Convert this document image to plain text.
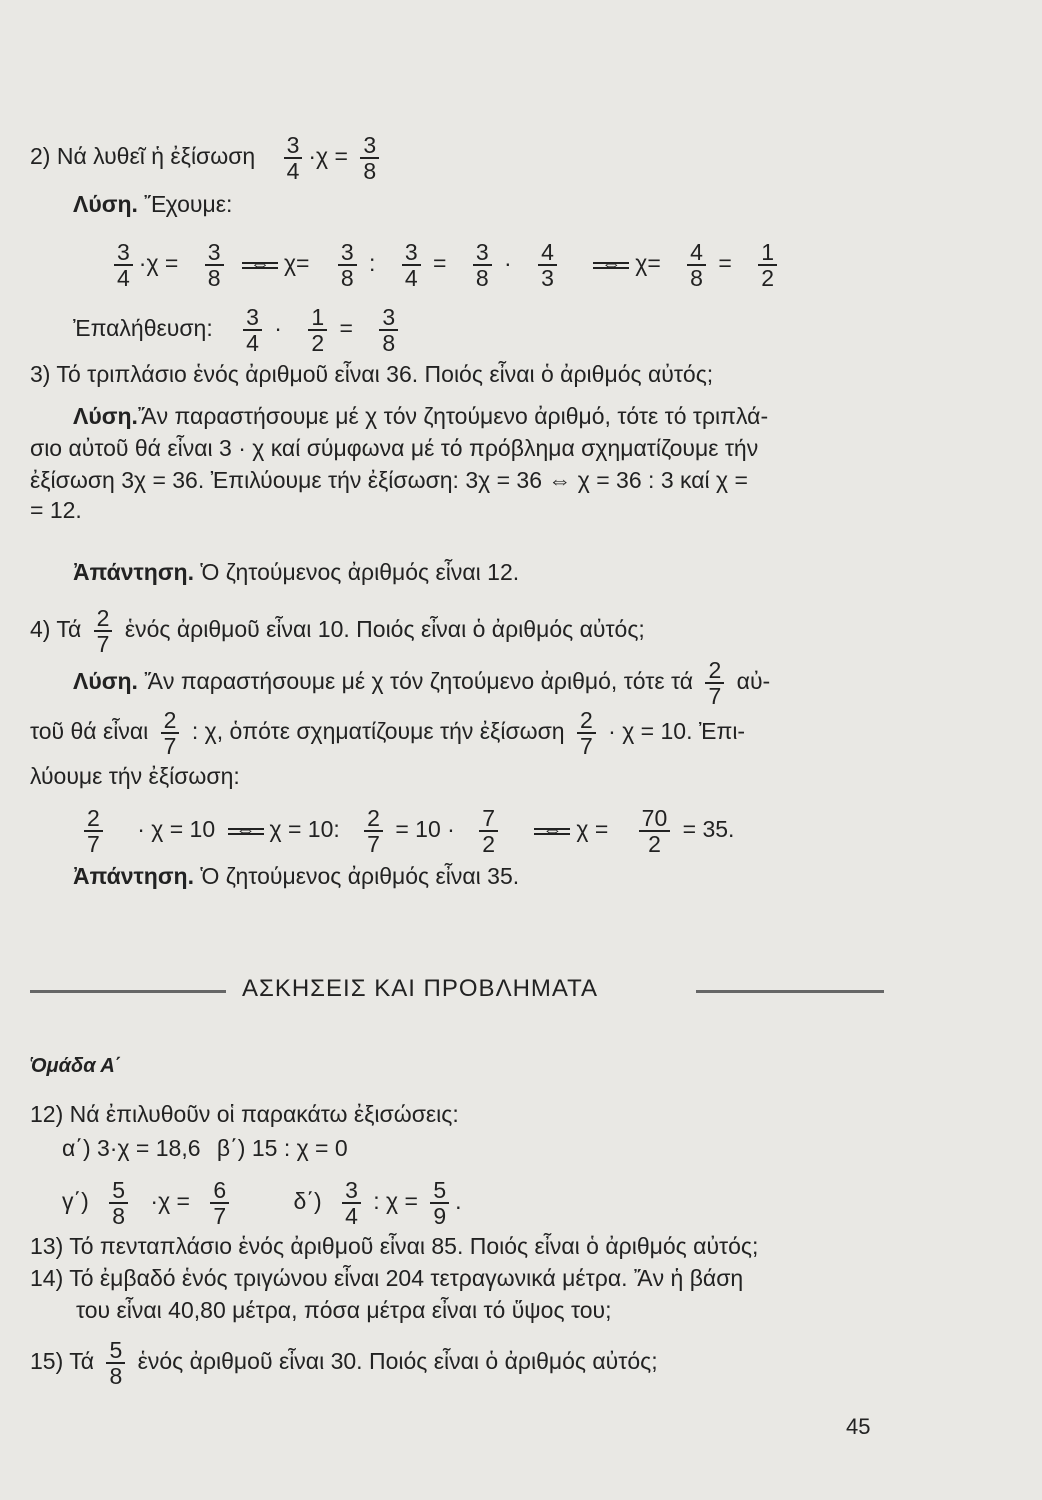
2) Νά λυθεῖ ἡ ἐξίσωση $\frac{3}{4} \cdot\chi = \frac{3}{8}$
Λύση. Ἔχουμε:
$\frac{3}{4} \cdot\chi = \frac{3}{8}$ ⇔	$\chi= \frac{3}{8}$ : $\frac{3}{4} = \frac{3}{8} \cdot \frac{4}{3}$ ⇔	$\chi= \frac{4}{8} = \frac{1}{2}$
Ἐπαλήθευση: $\frac{3}{4} \cdot \frac{1}{2} = \frac{3}{8}$
3) Τό τριπλάσιο ἑνός ἀριθμοῦ εἶναι 36. Ποιός εἶναι ὁ ἀριθμός αὐτός;
Λύση.Ἄν παραστήσουμε μέ χ τόν ζητούμενο ἀριθμό, τότε τό τριπλά-
σιο αὐτοῦ θά εἶναι 3 · χ καί σύμφωνα μέ τό πρόβλημα σχηματίζουμε τήν
ἐξίσωση 3χ = 36. Ἐπιλύουμε τήν ἐξίσωση: 3χ = 36 ⇔ χ = 36 : 3 καί χ =
= 12.
Ἀπάντηση. Ὁ ζητούμενος ἀριθμός εἶναι 12.
4) Τά $\frac{2}{7}$ ἑνός ἀριθμοῦ εἶναι 10. Ποιός εἶναι ὁ ἀριθμός αὐτός;
Λύση. Ἄν παραστήσουμε μέ χ τόν ζητούμενο ἀριθμό, τότε τά $\frac{2}{7}$ αὐ-
τοῦ θά εἶναι $\frac{2}{7}$ : χ, ὁπότε σχηματίζουμε τήν ἐξίσωση $\frac{2}{7} \cdot \chi = 10$. Ἐπι-
λύουμε τήν ἐξίσωση:
$\frac{2}{7} \cdot \chi = 10$ ⇔ χ = 10: $\frac{2}{7} = 10 \cdot \frac{7}{2}$ ⇔	$\chi = \frac{70}{2} = 35$.
Ἀπάντηση. Ὁ ζητούμενος ἀριθμός εἶναι 35.
ΑΣΚΗΣΕΙΣ ΚΑΙ ΠΡΟΒΛΗΜΑΤΑ
Ὁμάδα Α΄
12) Νά ἐπιλυθοῦν οἱ παρακάτω ἐξισώσεις:
α΄) 3·χ = 18,6 β΄) 15 : χ = 0
$\gamma΄) \frac{5}{8} \cdot\chi = \frac{6}{7}$	$\delta΄) \frac{3}{4}$ : $\chi = \frac{5}{9}$ .
13) Τό πενταπλάσιο ἑνός ἀριθμοῦ εἶναι 85. Ποιός εἶναι ὁ ἀριθμός αὐτός;
14) Τό ἐμβαδό ἑνός τριγώνου εἶναι 204 τετραγωνικά μέτρα. Ἄν ἡ βάση
του εἶναι 40,80 μέτρα, πόσα μέτρα εἶναι τό ὕψος του;
15) Τά $\frac{5}{8}$ ἑνός ἀριθμοῦ εἶναι 30. Ποιός εἶναι ὁ ἀριθμός αὐτός;
45
